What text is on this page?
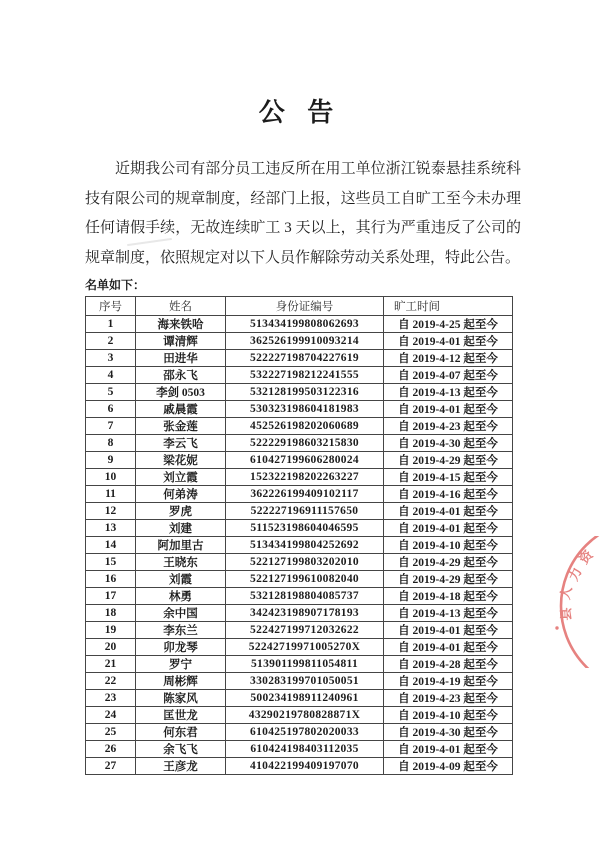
公 告

近期我公司有部分员工违反所在用工单位浙江锐泰悬挂系统科技有限公司的规章制度，经部门上报，这些员工自旷工至今未办理任何请假手续，无故连续旷工 3 天以上，其行为严重违反了公司的规章制度，依照规定对以下人员作解除劳动关系处理，特此公告。

名单如下：
序号	姓名	身份证编号	旷工时间
1	海来铁哈	513434199808062693	自 2019-4-25 起至今
2	谭清辉	362526199910093214	自 2019-4-01 起至今
3	田进华	522227198704227619	自 2019-4-12 起至今
4	邵永飞	532227198212241555	自 2019-4-07 起至今
5	李剑 0503	532128199503122316	自 2019-4-13 起至今
6	戚晨霞	530323198604181983	自 2019-4-01 起至今
7	张金莲	452526198202060689	自 2019-4-23 起至今
8	李云飞	522229198603215830	自 2019-4-30 起至今
9	梁花妮	610427199606280024	自 2019-4-29 起至今
10	刘立霞	152322198202263227	自 2019-4-15 起至今
11	何弟涛	362226199409102117	自 2019-4-16 起至今
12	罗虎	522227196911157650	自 2019-4-01 起至今
13	刘建	511523198604046595	自 2019-4-01 起至今
14	阿加里古	513434199804252692	自 2019-4-10 起至今
15	王晓东	522127199803202010	自 2019-4-29 起至今
16	刘霞	522127199610082040	自 2019-4-29 起至今
17	林勇	532128198804085737	自 2019-4-18 起至今
18	余中国	342423198907178193	自 2019-4-13 起至今
19	李东兰	522427199712032622	自 2019-4-01 起至今
20	卯龙琴	52242719971005270X	自 2019-4-01 起至今
21	罗宁	513901199811054811	自 2019-4-28 起至今
22	周彬辉	330283199701050051	自 2019-4-19 起至今
23	陈家风	500234198911240961	自 2019-4-23 起至今
24	匡世龙	43290219780828871X	自 2019-4-10 起至今
25	何东君	610425197802020033	自 2019-4-30 起至今
26	余飞飞	610424198403112035	自 2019-4-01 起至今
27	王彦龙	410422199409197070	自 2019-4-09 起至今
资
力
人
县
